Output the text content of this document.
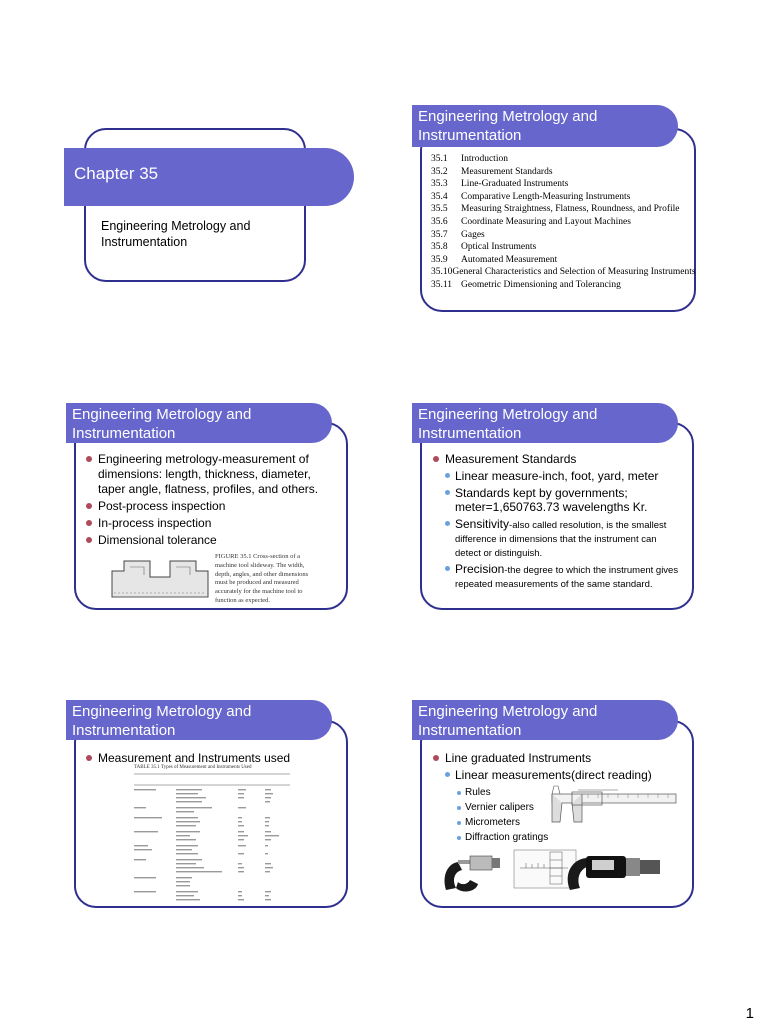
Chapter 35
Engineering Metrology and
Instrumentation
Engineering Metrology and
Instrumentation
35.1	Introduction
35.2	Measurement Standards
35.3	Line-Graduated Instruments
35.4	Comparative Length-Measuring Instruments
35.5	Measuring Straightness, Flatness, Roundness, and Profile
35.6	Coordinate Measuring and Layout Machines
35.7	Gages
35.8	Optical Instruments
35.9	Automated Measurement
35.10 General Characteristics and Selection of Measuring Instruments
35.11 Geometric Dimensioning and Tolerancing
Engineering Metrology and
Instrumentation
Engineering metrology-measurement of dimensions: length, thickness, diameter, taper angle, flatness, profiles, and others.
Post-process inspection
In-process inspection
Dimensional tolerance
FIGURE 35.1 Cross-section of a machine tool slideway. The width, depth, angles, and other dimensions must be produced and measured accurately for the machine tool to function as expected.
Engineering Metrology and
Instrumentation
Measurement Standards
Linear measure-inch, foot, yard, meter
Standards kept by governments; meter=1,650763.73 wavelengths Kr.
Sensitivity-also called resolution, is the smallest difference in dimensions that the instrument can detect or distinguish.
Precision-the degree to which the instrument gives repeated measurements of the same standard.
Engineering Metrology and
Instrumentation
Measurement and Instruments used
TABLE 35.1 Types of Measurement and Instruments Used
Engineering Metrology and
Instrumentation
Line graduated Instruments
Linear measurements(direct reading)
Rules
Vernier calipers
Micrometers
Diffraction gratings
1
